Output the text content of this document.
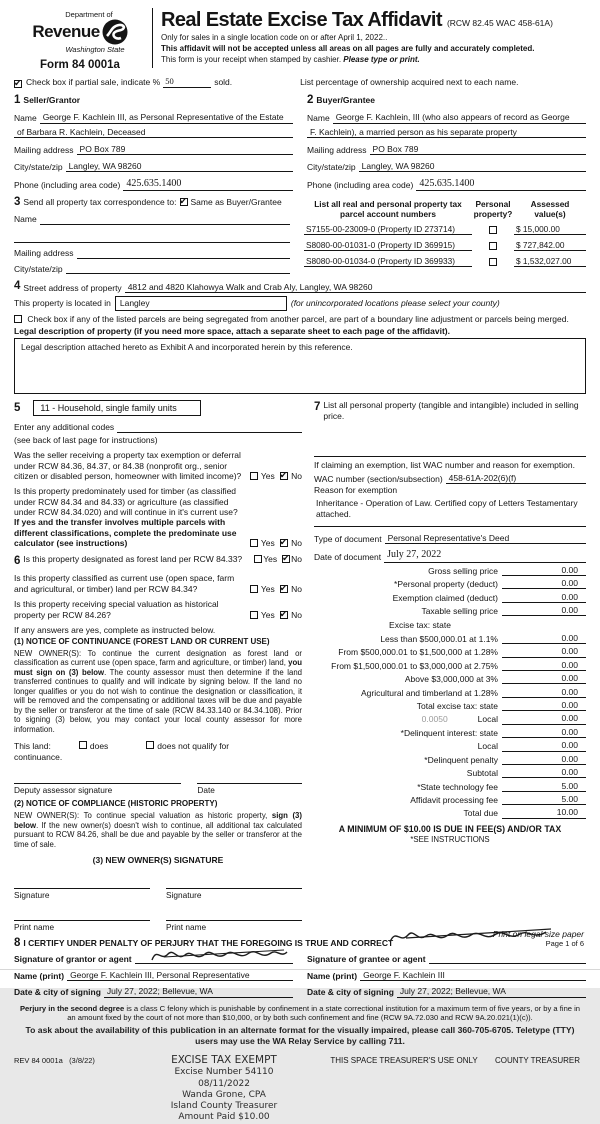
Department of
Revenue
Washington State
Form 84 0001a
Real Estate Excise Tax Affidavit (RCW 82.45 WAC 458-61A)
Only for sales in a single location code on or after April 1, 2022..
This affidavit will not be accepted unless all areas on all pages are fully and accurately completed.
This form is your receipt when stamped by cashier. Please type or print.
✔
Check box if partial sale, indicate % 50	sold.	List percentage of ownership acquired next to each name.
1 Seller/Grantor
Name George F. Kachlein III, as Personal Representative of the Estate
of Barbara R. Kachlein, Deceased
Mailing address PO Box 789
City/state/zip Langley, WA 98260
Phone (including area code) 425.635.1400
2 Buyer/Grantee
Name George F. Kachlein, III (who also appears of record as George
F. Kachlein), a married person as his separate property
Mailing address PO Box 789
City/state/zip Langley, WA 98260
Phone (including area code) 425.635.1400
3 Send all property tax correspondence to:
✔ Same as Buyer/Grantee
Name
Mailing address
City/state/zip
List all real and personal property tax parcel account numbers
Personal property?
Assessed value(s)
S7155-00-23009-0 (Property ID 273714)	$ 15,000.00
S8080-00-01031-0 (Property ID 369915)	$ 727,842.00
S8080-00-01034-0 (Property ID 369933)	$ 1,532,027.00
4 Street address of property 4812 and 4820 Klahowya Walk and Crab Aly, Langley, WA 98260
This property is located in	Langley	(for unincorporated locations please select your county)
Check box if any of the listed parcels are being segregated from another parcel, are part of a boundary line adjustment or parcels being merged.
Legal description of property (if you need more space, attach a separate sheet to each page of the affidavit).
Legal description attached hereto as Exhibit A and incorporated herein by this reference.
5	11 - Household, single family units
Enter any additional codes
(see back of last page for instructions)
Was the seller receiving a property tax exemption or deferral under RCW 84.36, 84.37, or 84.38 (nonprofit org., senior citizen or disabled person, homeowner with limited income)?	Yes ✔ No
Is this property predominately used for timber (as classified under RCW 84.34 and 84.33) or agriculture (as classified under RCW 84.34.020) and will continue in it's current use? If yes and the transfer involves multiple parcels with different classifications, complete the predominate use calculator (see instructions)	Yes ✔ No
6 Is this property designated as forest land per RCW 84.33?	Yes ✔ No
Is this property classified as current use (open space, farm and agricultural, or timber) land per RCW 84.34?	Yes ✔ No
Is this property receiving special valuation as historical property per RCW 84.26?	Yes ✔ No
If any answers are yes, complete as instructed below.
(1) NOTICE OF CONTINUANCE (FOREST LAND OR CURRENT USE)
NEW OWNER(S): To continue the current designation as forest land or classification as current use (open space, farm and agriculture, or timber) land, you must sign on (3) below. The county assessor must then determine if the land transferred continues to qualify and will indicate by signing below. If the land no longer qualifies or you do not wish to continue the designation or classification, it will be removed and the compensating or additional taxes will be due and payable by the seller or transferor at the time of sale (RCW 84.33.140 or 84.34.108). Prior to signing (3) below, you may contact your local county assessor for more information.
This land:	does	does not qualify for
continuance.
Deputy assessor signature	Date
(2) NOTICE OF COMPLIANCE (HISTORIC PROPERTY)
NEW OWNER(S): To continue special valuation as historic property, sign (3) below. If the new owner(s) doesn't wish to continue, all additional tax calculated pursuant to RCW 84.26, shall be due and payable by the seller or transferor at the time of sale.
(3) NEW OWNER(S) SIGNATURE
Signature	Signature
Print name	Print name
7 List all personal property (tangible and intangible) included in selling price.
If claiming an exemption, list WAC number and reason for exemption.
WAC number (section/subsection) 458-61A-202(6)(f)
Reason for exemption
Inheritance - Operation of Law. Certified copy of Letters Testamentary attached.
Type of document Personal Representative's Deed
Date of document July 27, 2022
Gross selling price	0.00
*Personal property (deduct)	0.00
Exemption claimed (deduct)	0.00
Taxable selling price	0.00
Excise tax: state
Less than $500,000.01 at 1.1%	0.00
From $500,000.01 to $1,500,000 at 1.28%	0.00
From $1,500,000.01 to $3,000,000 at 2.75%	0.00
Above $3,000,000 at 3%	0.00
Agricultural and timberland at 1.28%	0.00
Total excise tax: state	0.00
0.0050	Local	0.00
*Delinquent interest: state	0.00
Local	0.00
*Delinquent penalty	0.00
Subtotal	0.00
*State technology fee	5.00
Affidavit processing fee	5.00
Total due	10.00
A MINIMUM OF $10.00 IS DUE IN FEE(S) AND/OR TAX
*SEE INSTRUCTIONS
8 I CERTIFY UNDER PENALTY OF PERJURY THAT THE FOREGOING IS TRUE AND CORRECT
Signature of grantor or agent
Name (print) George F. Kachlein III, Personal Representative
Date & city of signing July 27, 2022; Bellevue, WA
Signature of grantee or agent
Name (print) George F. Kachlein III
Date & city of signing July 27, 2022; Bellevue, WA
Perjury in the second degree is a class C felony which is punishable by confinement in a state correctional institution for a maximum term of five years, or by a fine in an amount fixed by the court of not more than $10,000, or by both such confinement and fine (RCW 9A.72.030 and RCW 9A.20.021(1)(c)).
To ask about the availability of this publication in an alternate format for the visually impaired, please call 360-705-6705. Teletype (TTY) users may use the WA Relay Service by calling 711.
REV 84 0001a (3/8/22)	EXCISE TAX EXEMPT
Excise Number 54110
08/11/2022
Wanda Grone, CPA
Island County Treasurer
Amount Paid $10.00
THIS SPACE TREASURER'S USE ONLY	COUNTY TREASURER
Print on legal size paper
Page 1 of 6
